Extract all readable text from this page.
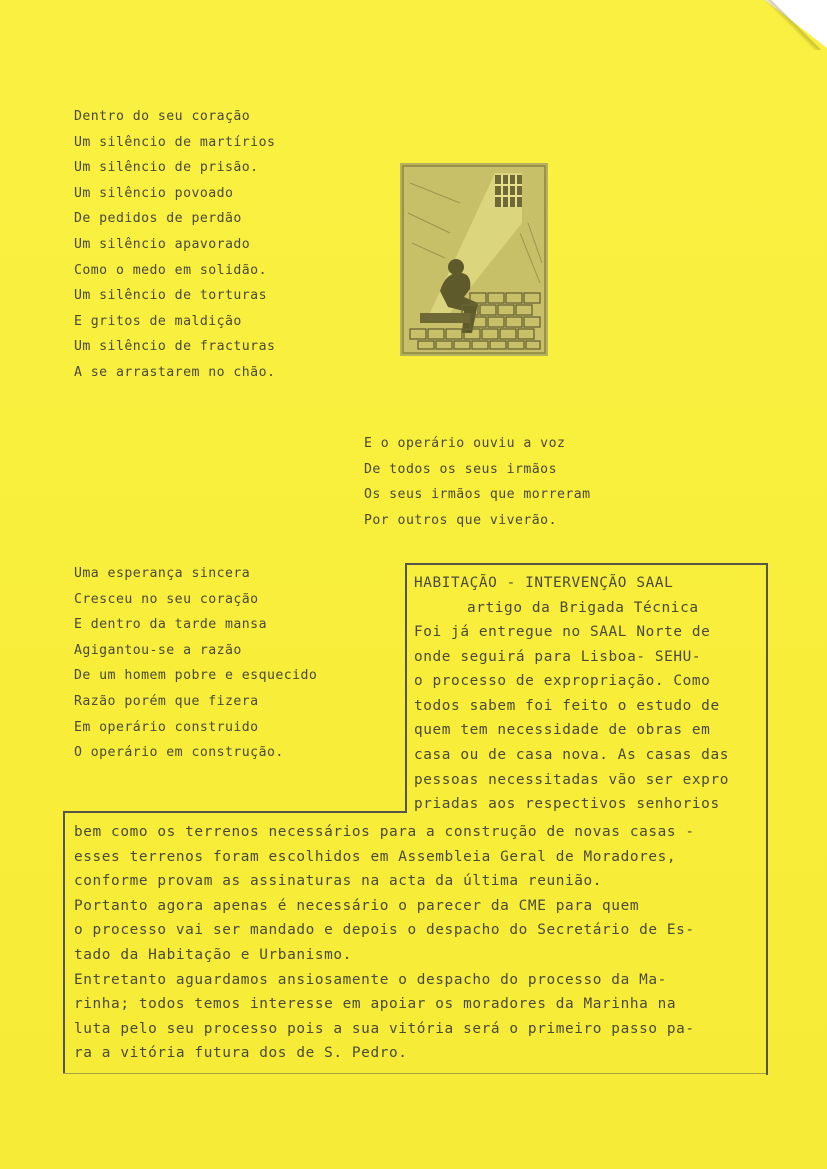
Dentro do seu coração
Um silêncio de martírios
Um silêncio de prisão.
Um silêncio povoado
De pedidos de perdão
Um silêncio apavorado
Como o medo em solidão.
Um silêncio de torturas
E gritos de maldição
Um silêncio de fracturas
A se arrastarem no chão.
E o operário ouviu a voz
De todos os seus irmãos
Os seus irmãos que morreram
Por outros que viverão.
Uma esperança sincera
Cresceu no seu coração
E dentro da tarde mansa
Agigantou-se a razão
De um homem pobre e esquecido
Razão porém que fizera
Em operário construido
O operário em construção.
HABITAÇÃO - INTERVENÇÃO SAAL
artigo da Brigada Técnica
Foi já entregue no SAAL Norte de
onde seguirá para Lisboa- SEHU-
o processo de expropriação. Como
todos sabem foi feito o estudo de
quem tem necessidade de obras em
casa ou de casa nova. As casas das
pessoas necessitadas vão ser expro
priadas aos respectivos senhorios
bem como os terrenos necessários para a construção de novas casas -
esses terrenos foram escolhidos em Assembleia Geral de Moradores,
conforme provam as assinaturas na acta da última reunião.
Portanto agora apenas é necessário o parecer da CME para quem
o processo vai ser mandado e depois o despacho do Secretário de Es-
tado da Habitação e Urbanismo.
Entretanto aguardamos ansiosamente o despacho do processo da Ma-
rinha; todos temos interesse em apoiar os moradores da Marinha na
luta pelo seu processo pois a sua vitória será o primeiro passo pa-
ra a vitória futura dos de S. Pedro.
